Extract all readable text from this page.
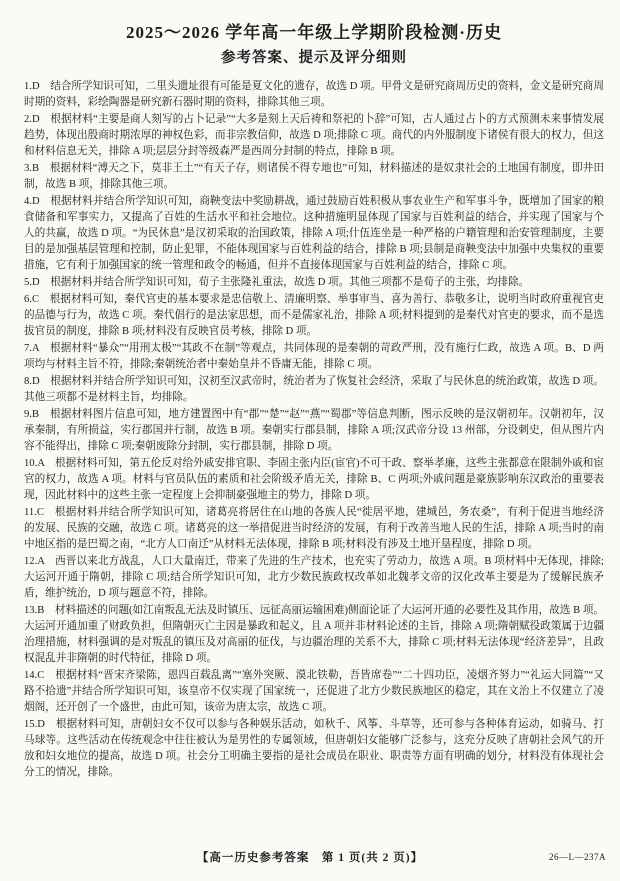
2025～2026 学年高一年级上学期阶段检测·历史
参考答案、提示及评分细则

1.D　结合所学知识可知，二里头遗址很有可能是夏文化的遗存，故选 D 项。甲骨文是研究商周历史的资料，金文是研究商周时期的资料，彩绘陶器是研究新石器时期的资料，排除其他三项。

2.D　根据材料“主要是商人刻写的占卜记录”“大多是刻上天后祷和祭祀的卜辞”可知，古人通过占卜的方式预测未来事情发展趋势，体现出殷商时期浓厚的神权色彩，而非宗教信仰，故选 D 项;排除 C 项。商代的内外服制度下诸侯有很大的权力，但这和材料信息无关，排除 A 项;层层分封等级森严是西周分封制的特点，排除 B 项。

3.B　根据材料“溥天之下，莫非王土”“有天子存，则诸侯不得专地也”可知，材料描述的是奴隶社会的土地国有制度，即井田制，故选 B 项，排除其他三项。

4.D　根据材料并结合所学知识可知，商鞅变法中奖励耕战，通过鼓励百姓积极从事农业生产和军事斗争，既增加了国家的粮食储备和军事实力，又提高了百姓的生活水平和社会地位。这种措施明显体现了国家与百姓利益的结合，并实现了国家与个人的共赢，故选 D 项。“为民休息”是汉初采取的治国政策，排除 A 项;什伍连坐是一种严格的户籍管理和治安管理制度，主要目的是加强基层管理和控制，防止犯罪，不能体现国家与百姓利益的结合，排除 B 项;县制是商鞅变法中加强中央集权的重要措施，它有利于加强国家的统一管理和政令的畅通，但并不直接体现国家与百姓利益的结合，排除 C 项。

5.D　根据材料并结合所学知识可知，荀子主张隆礼重法，故选 D 项。其他三项都不是荀子的主张，均排除。

6.C　根据材料可知，秦代官吏的基本要求是忠信敬上、清廉明察、举事审当、喜为善行、恭敬多让，说明当时政府重视官吏的品德与行为，故选 C 项。秦代倡行的是法家思想，而不是儒家礼治，排除 A 项;材料提到的是秦代对官吏的要求，而不是选拔官员的制度，排除 B 项;材料没有反映官员考核，排除 D 项。

7.A　根据材料“暴众”“用刑太极”“其政不在制”等观点，共同体现的是秦朝的苛政严刑，没有施行仁政，故选 A 项。B、D 两项均与材料主旨不符，排除;秦朝统治者中秦始皇并不昏庸无能，排除 C 项。

8.D　根据材料并结合所学知识可知，汉初至汉武帝时，统治者为了恢复社会经济，采取了与民休息的统治政策，故选 D 项。其他三项都不是材料主旨，均排除。

9.B　根据材料图片信息可知，地方建置图中有“郡”“楚”“赵”“燕”“蜀郡”等信息判断，图示反映的是汉朝初年。汉朝初年，汉承秦制，有所损益，实行郡国并行制，故选 B 项。秦朝实行郡县制，排除 A 项;汉武帝分设 13 州部，分设刺史，但从图片内容不能得出，排除 C 项;秦朝废除分封制，实行郡县制，排除 D 项。

10.A　根据材料可知，第五伦反对给外戚安排官职、李固主张内臣(宦官)不可干政、察举孝廉，这些主张都意在限制外戚和宦官的权力，故选 A 项。材料与官员队伍的素质和社会阶级矛盾无关，排除 B、C 两项;外戚问题是豪族影响东汉政治的重要表现，因此材料中的这些主张一定程度上会抑制豪强地主的势力，排除 D 项。

11.C　根据材料并结合所学知识可知，诸葛亮将居住在山地的各族人民“徙居平地，建城邑，务农桑”，有利于促进当地经济的发展、民族的交融，故选 C 项。诸葛亮的这一举措促进当时经济的发展，有利于改善当地人民的生活，排除 A 项;当时的南中地区指的是巴蜀之南，“北方人口南迁”从材料无法体现，排除 B 项;材料没有涉及土地开垦程度，排除 D 项。

12.A　西晋以来北方战乱，人口大量南迁，带来了先进的生产技术，也充实了劳动力，故选 A 项。B 项材料中无体现，排除;大运河开通于隋朝，排除 C 项;结合所学知识可知，北方少数民族政权改革如北魏孝文帝的汉化改革主要是为了缓解民族矛盾，维护统治，D 项与题意不符，排除。

13.B　材料描述的问题(如江南叛乱无法及时镇压、远征高丽运输困难)侧面论证了大运河开通的必要性及其作用，故选 B 项。大运河开通加重了财政负担，但隋朝灭亡主因是暴政和起义，且 A 项并非材料论述的主旨，排除 A 项;隋朝赋役政策属于边疆治理措施，材料强调的是对叛乱的镇压及对高丽的征伐，与边疆治理的关系不大，排除 C 项;材料无法体现“经济差异”，且政权混乱并非隋朝的时代特征，排除 D 项。

14.C　根据材料“晋宋齐梁陈，恩四百载乱离”“塞外突厥、漠北铁勒，吾皆席卷”“二十四功臣，凌烟齐努力”“礼运大同篇”“又路不拾遗”并结合所学知识可知，该皇帝不仅实现了国家统一，还促进了北方少数民族地区的稳定，其在文治上不仅建立了凌烟阁，还开创了一个盛世，由此可知，该帝为唐太宗，故选 C 项。

15.D　根据材料可知，唐朝妇女不仅可以参与各种娱乐活动，如秋千、风筝、斗草等，还可参与各种体育运动，如骑马、打马球等。这些活动在传统观念中往往被认为是男性的专属领域，但唐朝妇女能够广泛参与，这充分反映了唐朝社会风气的开放和妇女地位的提高，故选 D 项。社会分工明确主要指的是社会成员在职业、职责等方面有明确的划分，材料没有体现社会分工的情况，排除。

【高一历史参考答案　第 1 页(共 2 页)】	26—L—237A
